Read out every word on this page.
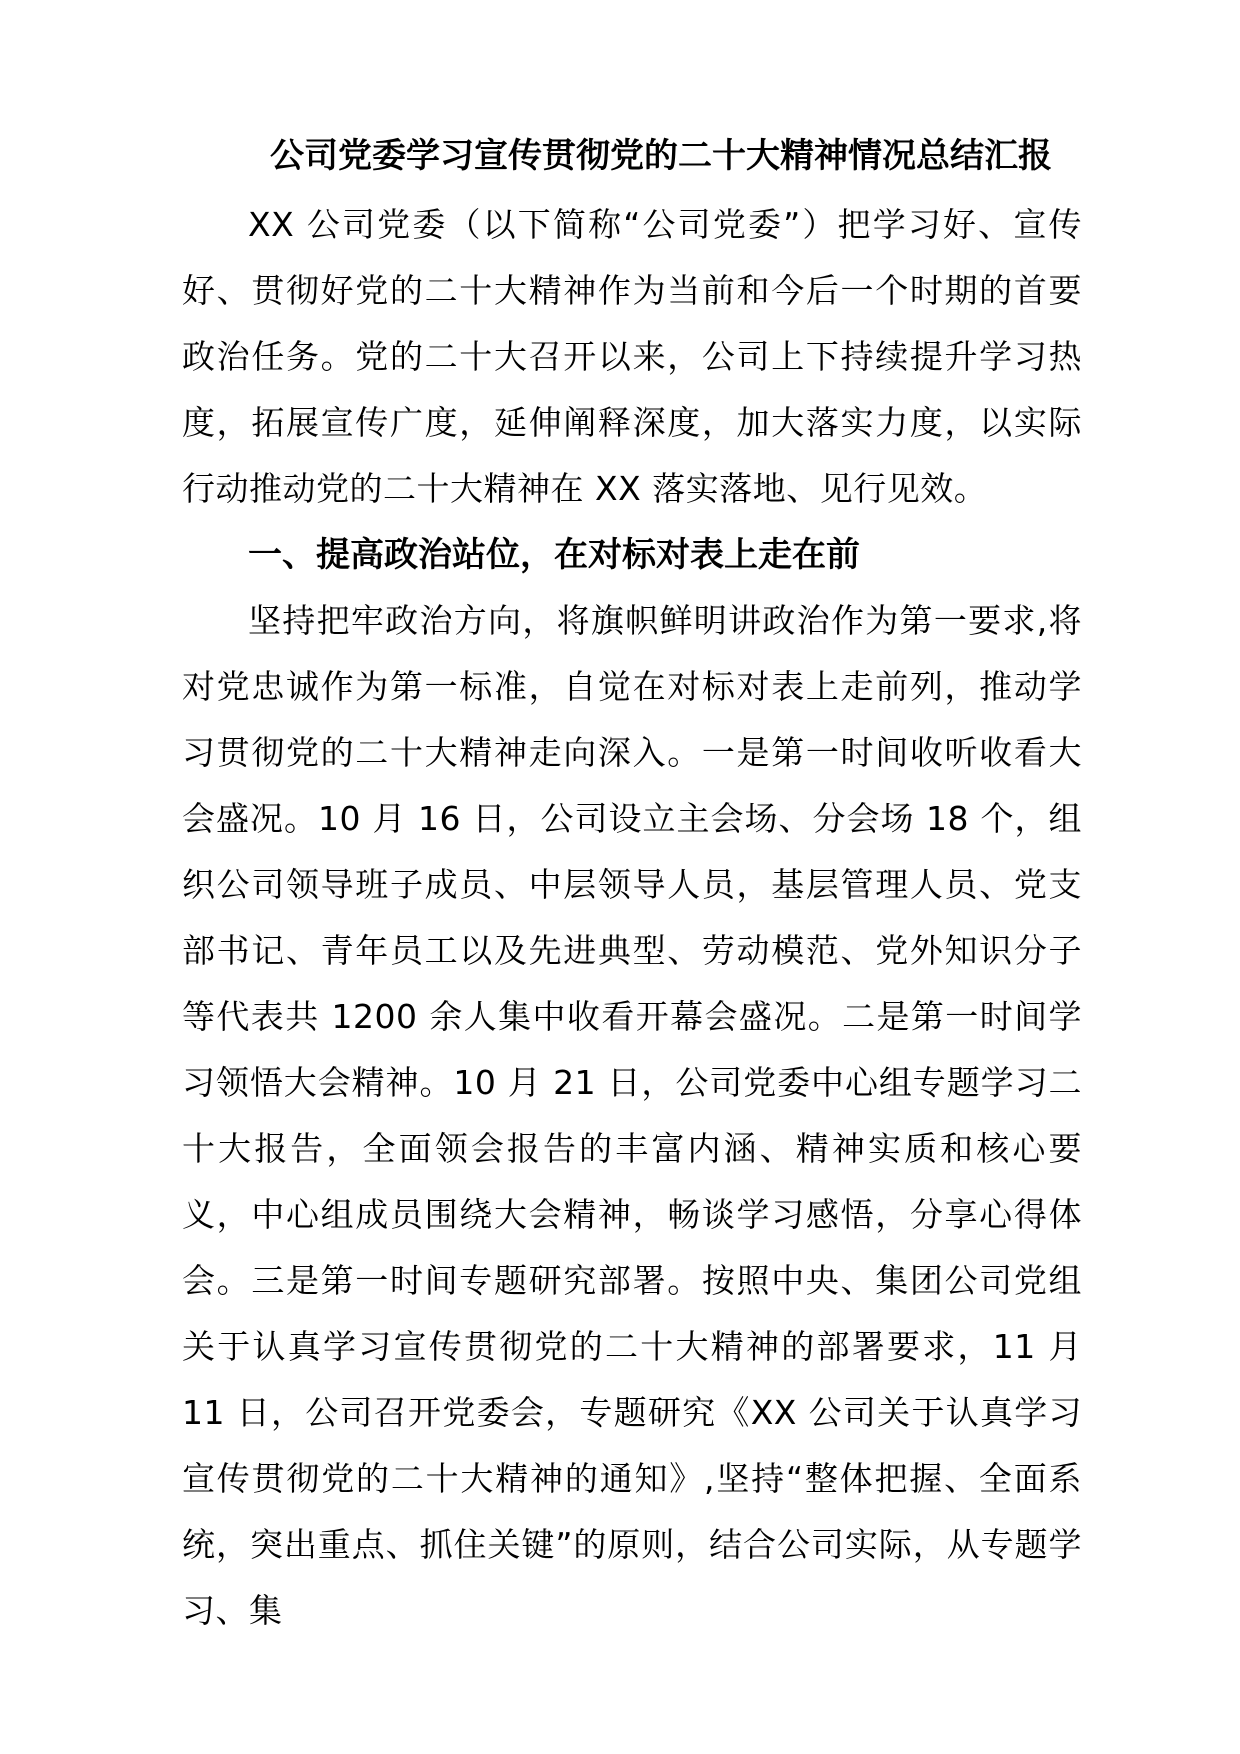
公司党委学习宣传贯彻党的二十大精神情况总结汇报
XX 公司党委（以下简称“公司党委”）把学习好、宣传好、贯彻好党的二十大精神作为当前和今后一个时期的首要政治任务。党的二十大召开以来，公司上下持续提升学习热度，拓展宣传广度，延伸阐释深度，加大落实力度，以实际行动推动党的二十大精神在 XX 落实落地、见行见效。
一、提高政治站位，在对标对表上走在前
坚持把牢政治方向，将旗帜鲜明讲政治作为第一要求,将对党忠诚作为第一标准，自觉在对标对表上走前列，推动学习贯彻党的二十大精神走向深入。一是第一时间收听收看大会盛况。10 月 16 日，公司设立主会场、分会场 18 个，组织公司领导班子成员、中层领导人员，基层管理人员、党支部书记、青年员工以及先进典型、劳动模范、党外知识分子等代表共 1200 余人集中收看开幕会盛况。二是第一时间学习领悟大会精神。10 月 21 日，公司党委中心组专题学习二十大报告，全面领会报告的丰富内涵、精神实质和核心要义，中心组成员围绕大会精神，畅谈学习感悟，分享心得体会。三是第一时间专题研究部署。按照中央、集团公司党组关于认真学习宣传贯彻党的二十大精神的部署要求，11 月 11 日，公司召开党委会，专题研究《XX 公司关于认真学习宣传贯彻党的二十大精神的通知》,坚持“整体把握、全面系统，突出重点、抓住关键”的原则，结合公司实际，从专题学习、集
